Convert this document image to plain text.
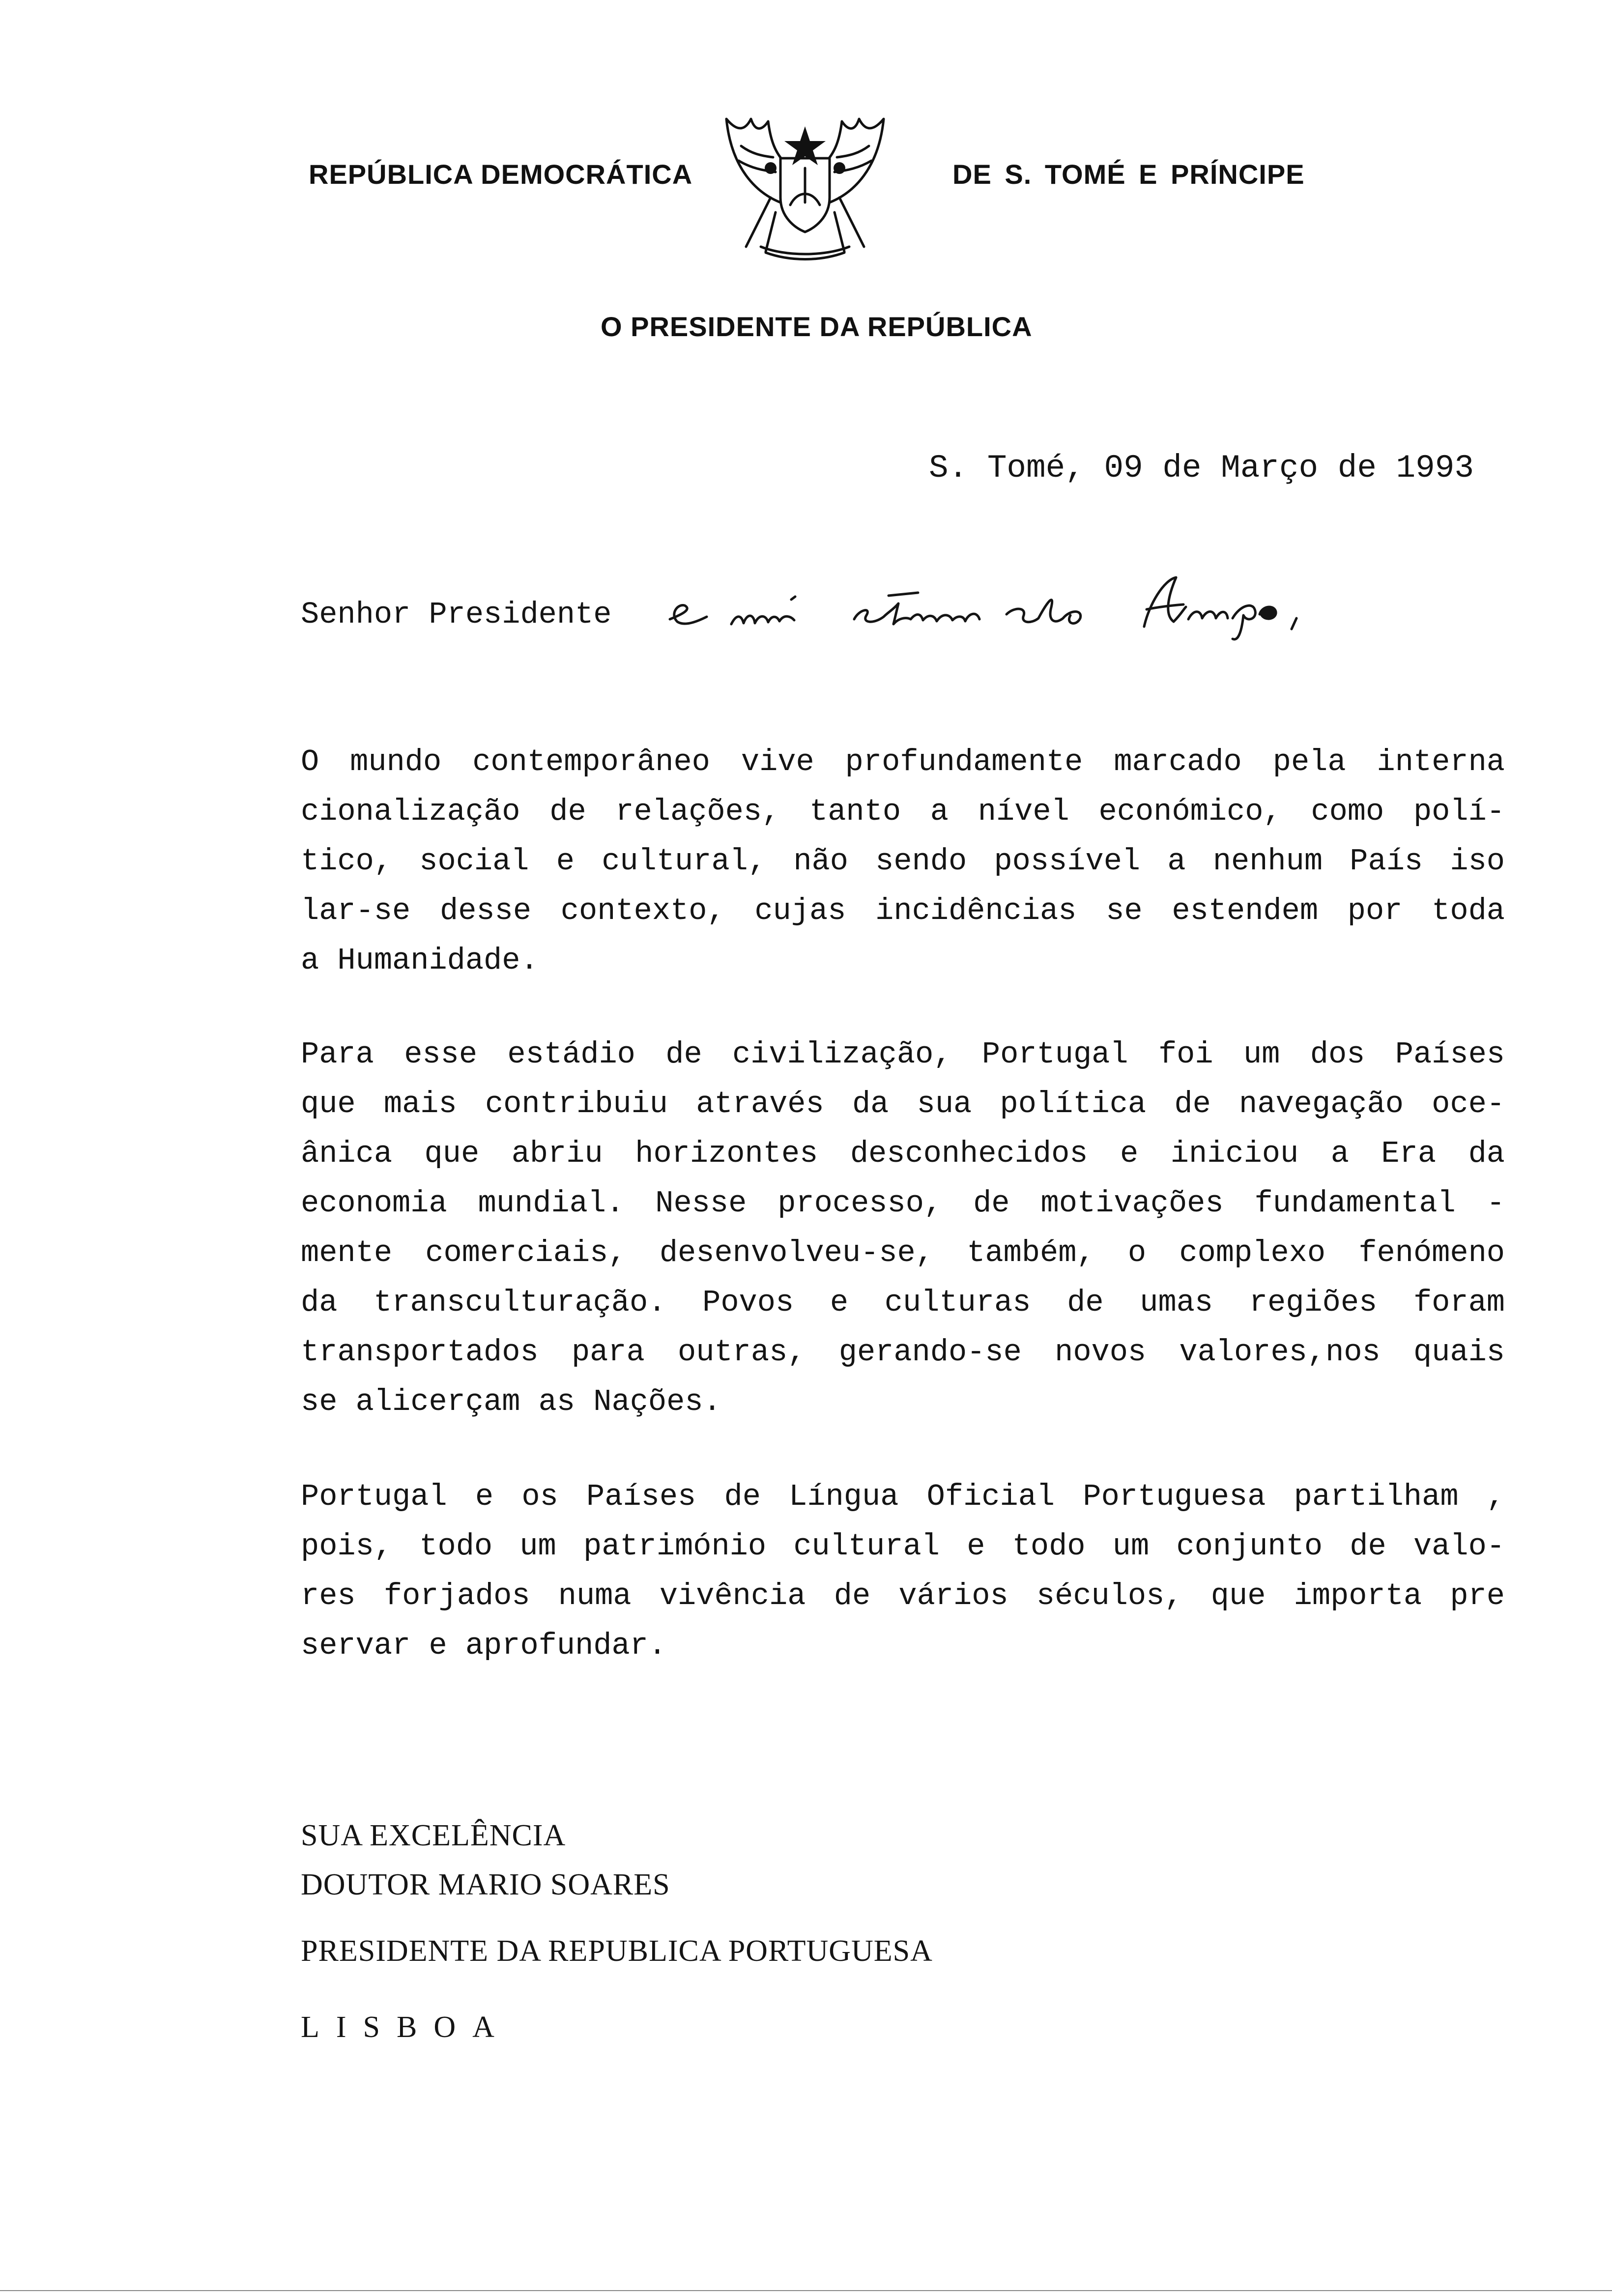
REPÚBLICA DEMOCRÁTICA	DE S. TOMÉ E PRÍNCIPE
O PRESIDENTE DA REPÚBLICA
S. Tomé, 09 de Março de 1993
Senhor Presidente
O mundo contemporâneo vive profundamente marcado pela interna
cionalização de relações, tanto a nível económico, como polí-
tico, social e cultural, não sendo possível a nenhum País iso
lar-se desse contexto, cujas incidências se estendem por toda
a Humanidade.
Para esse estádio de civilização, Portugal foi um dos Países
que mais contribuiu através da sua política de navegação oce-
ânica que abriu horizontes desconhecidos e iniciou a Era da
economia mundial. Nesse processo, de motivações fundamental -
mente comerciais, desenvolveu-se, também, o complexo fenómeno
da transculturação. Povos e culturas de umas regiões foram
transportados para outras, gerando-se novos valores,nos quais
se alicerçam as Nações.
Portugal e os Países de Língua Oficial Portuguesa partilham ,
pois, todo um património cultural e todo um conjunto de valo-
res forjados numa vivência de vários séculos, que importa pre
servar e aprofundar.
SUA EXCELÊNCIA
DOUTOR MARIO SOARES
PRESIDENTE DA REPUBLICA PORTUGUESA
LISBOA
